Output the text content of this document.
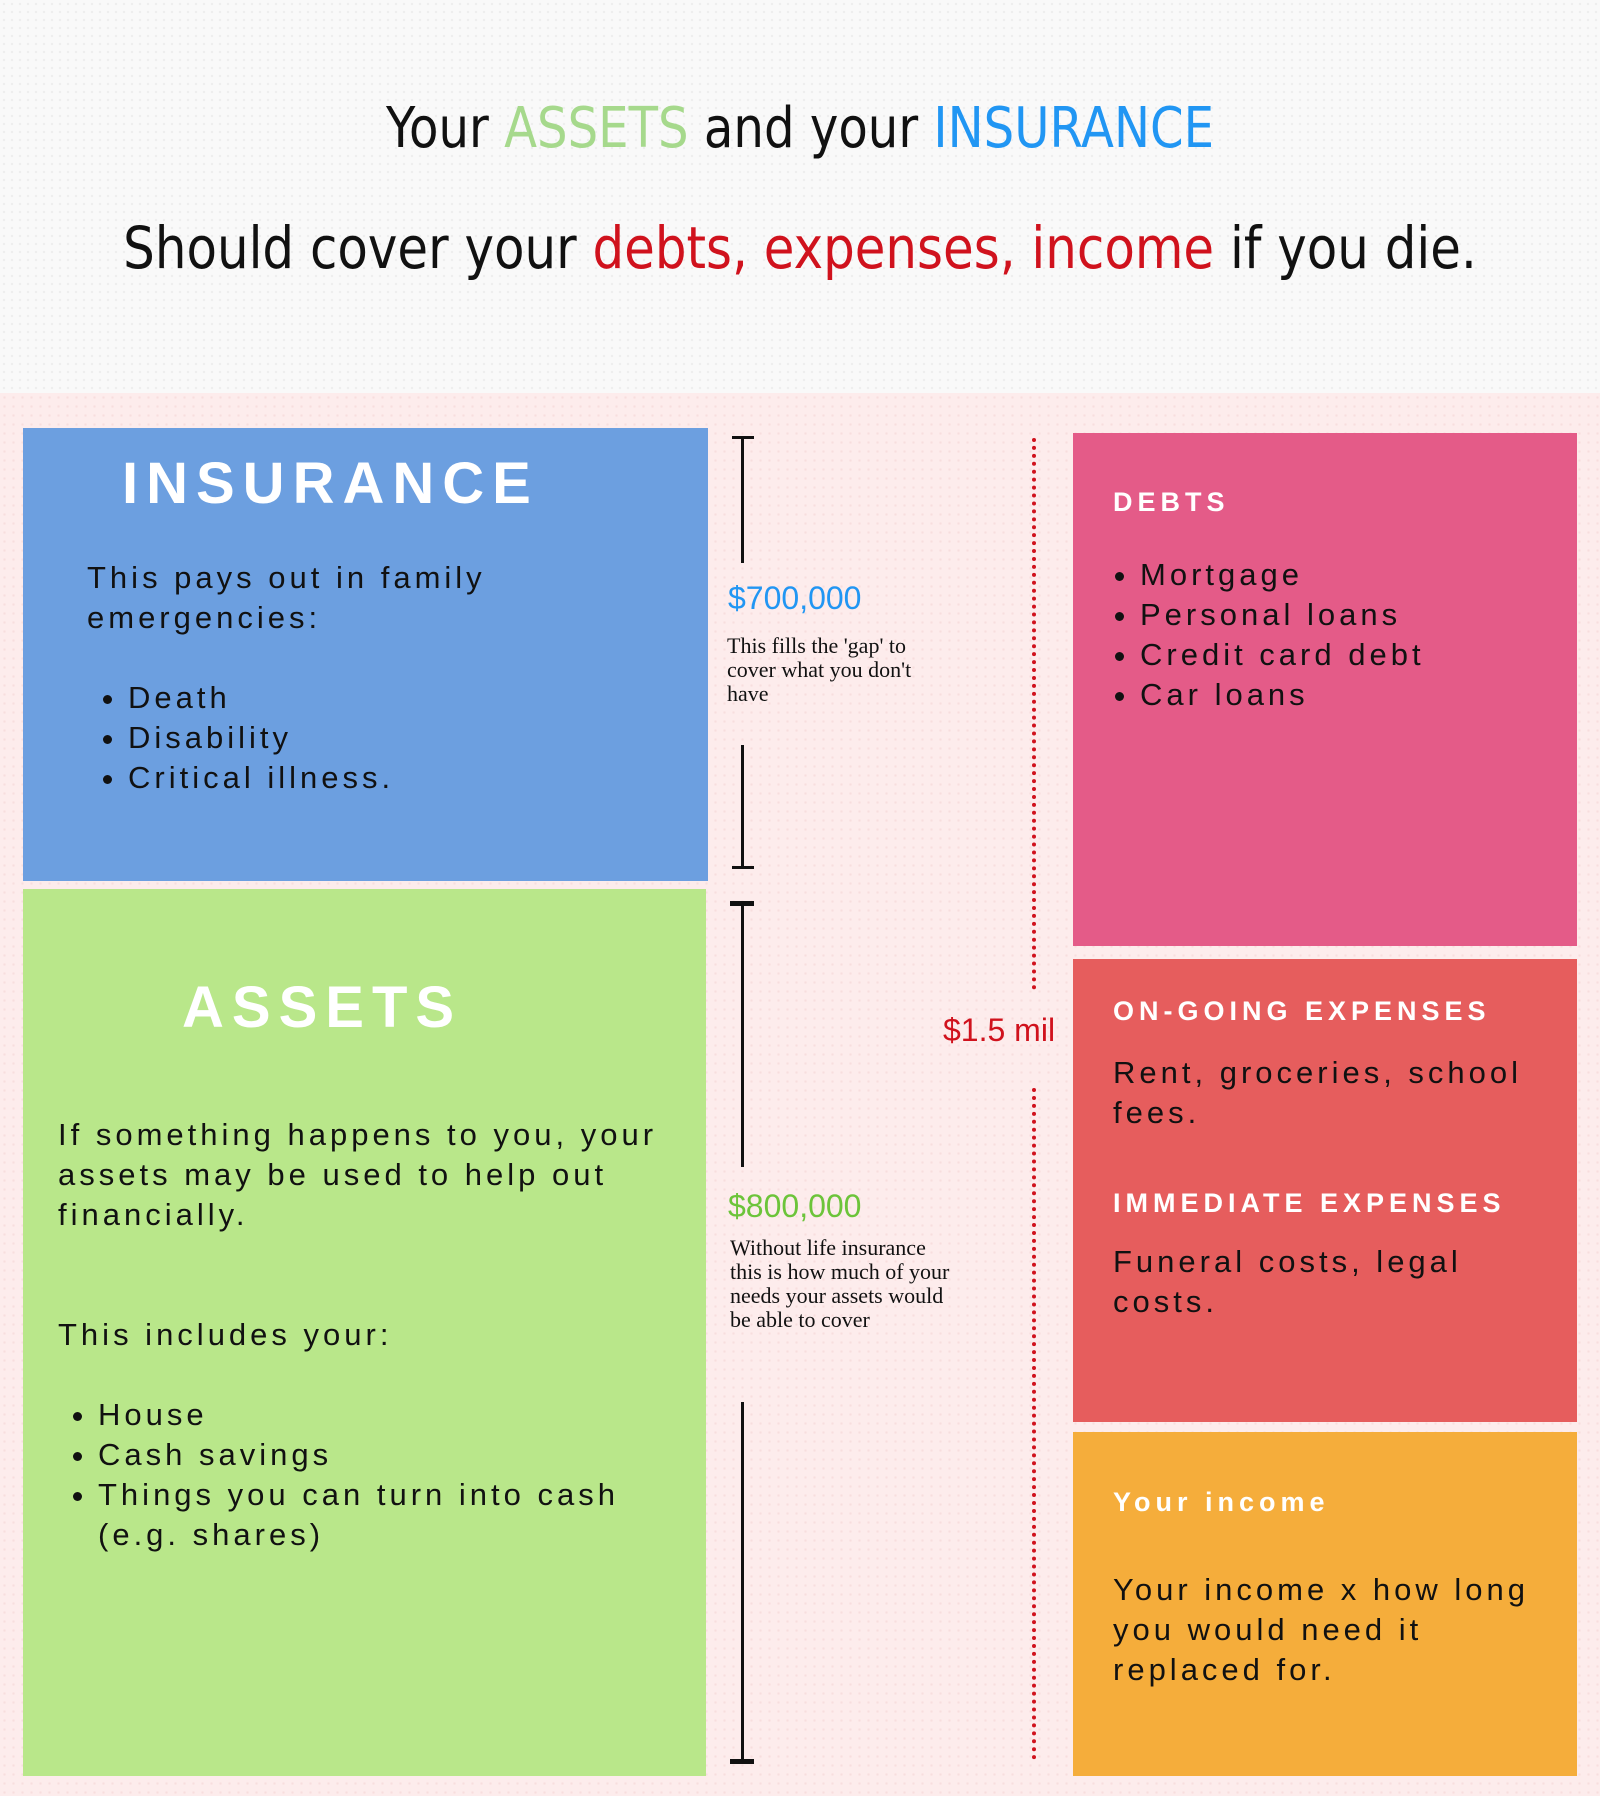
Your ASSETS and your INSURANCE
Should cover your debts, expenses, income if you die.
INSURANCE
This pays out in family emergencies:
• Death
• Disability
• Critical illness.
ASSETS
If something happens to you, your assets may be used to help out financially.
This includes your:
• House
• Cash savings
• Things you can turn into cash (e.g. shares)
$700,000
This fills the 'gap' to cover what you don't have
$800,000
Without life insurance this is how much of your needs your assets would be able to cover
$1.5 mil
DEBTS
• Mortgage
• Personal loans
• Credit card debt
• Car loans
ON-GOING EXPENSES
Rent, groceries, school fees.
IMMEDIATE EXPENSES
Funeral costs, legal costs.
Your income
Your income x how long you would need it replaced for.
